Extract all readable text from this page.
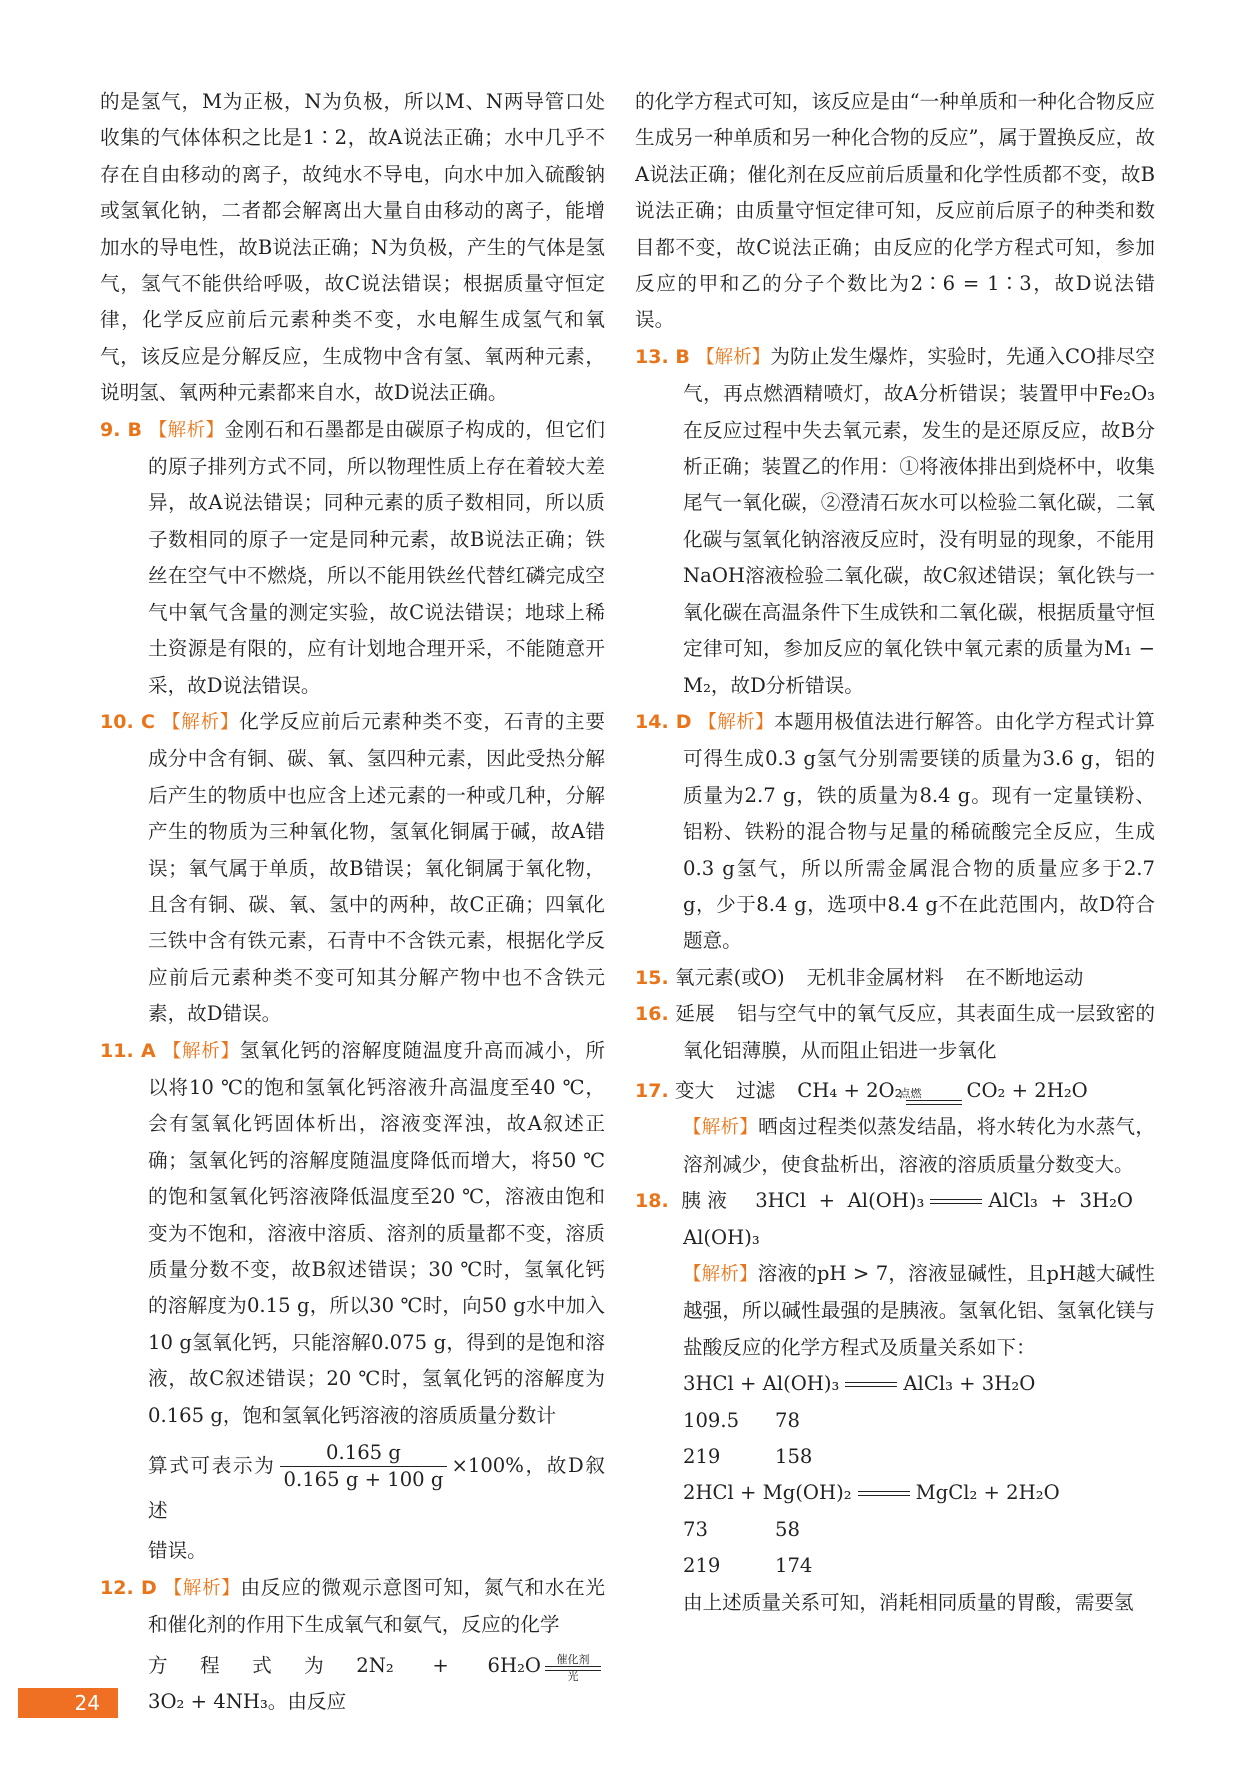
的是氢气，M为正极，N为负极，所以M、N两导管口处收集的气体体积之比是1∶2，故A说法正确；水中几乎不存在自由移动的离子，故纯水不导电，向水中加入硫酸钠或氢氧化钠，二者都会解离出大量自由移动的离子，能增加水的导电性，故B说法正确；N为负极，产生的气体是氢气，氢气不能供给呼吸，故C说法错误；根据质量守恒定律，化学反应前后元素种类不变，水电解生成氢气和氧气，该反应是分解反应，生成物中含有氢、氧两种元素，说明氢、氧两种元素都来自水，故D说法正确。

9. B 【解析】金刚石和石墨都是由碳原子构成的，但它们的原子排列方式不同，所以物理性质上存在着较大差异，故A说法错误；同种元素的质子数相同，所以质子数相同的原子一定是同种元素，故B说法正确；铁丝在空气中不燃烧，所以不能用铁丝代替红磷完成空气中氧气含量的测定实验，故C说法错误；地球上稀土资源是有限的，应有计划地合理开采，不能随意开采，故D说法错误。
10. C 【解析】化学反应前后元素种类不变，石青的主要成分中含有铜、碳、氧、氢四种元素，因此受热分解后产生的物质中也应含上述元素的一种或几种，分解产生的物质为三种氧化物，氢氧化铜属于碱，故A错误；氧气属于单质，故B错误；氧化铜属于氧化物，且含有铜、碳、氧、氢中的两种，故C正确；四氧化三铁中含有铁元素，石青中不含铁元素，根据化学反应前后元素种类不变可知其分解产物中也不含铁元素，故D错误。
11. A 【解析】氢氧化钙的溶解度随温度升高而减小，所以将10 ℃的饱和氢氧化钙溶液升高温度至40 ℃，会有氢氧化钙固体析出，溶液变浑浊，故A叙述正确；氢氧化钙的溶解度随温度降低而增大，将50 ℃的饱和氢氧化钙溶液降低温度至20 ℃，溶液由饱和变为不饱和，溶液中溶质、溶剂的质量都不变，溶质质量分数不变，故B叙述错误；30 ℃时，氢氧化钙的溶解度为0.15 g，所以30 ℃时，向50 g水中加入10 g氢氧化钙，只能溶解0.075 g，得到的是饱和溶液，故C叙述错误；20 ℃时，氢氧化钙的溶解度为0.165 g，饱和氢氧化钙溶液的溶质质量分数计
算式可表示为 $\frac{0.165 g}{0.165 g + 100 g} \times 100\%$，故D叙述
错误。
12. D 【解析】由反应的微观示意图可知，氮气和水在光和催化剂的作用下生成氧气和氨气，反应的化学
方程式为2N₂ + 6H₂O	催化剂
光
3O₂ + 4NH₃。由反应

的化学方程式可知，该反应是由“一种单质和一种化合物反应生成另一种单质和另一种化合物的反应”，属于置换反应，故A说法正确；催化剂在反应前后质量和化学性质都不变，故B说法正确；由质量守恒定律可知，反应前后原子的种类和数目都不变，故C说法正确；由反应的化学方程式可知，参加反应的甲和乙的分子个数比为2∶6 = 1∶3，故D说法错误。

13. B 【解析】为防止发生爆炸，实验时，先通入CO排尽空气，再点燃酒精喷灯，故A分析错误；装置甲中Fe₂O₃在反应过程中失去氧元素，发生的是还原反应，故B分析正确；装置乙的作用：①将液体排出到烧杯中，收集尾气一氧化碳，②澄清石灰水可以检验二氧化碳，二氧化碳与氢氧化钠溶液反应时，没有明显的现象，不能用NaOH溶液检验二氧化碳，故C叙述错误；氧化铁与一氧化碳在高温条件下生成铁和二氧化碳，根据质量守恒定律可知，参加反应的氧化铁中氧元素的质量为M₁ − M₂，故D分析错误。
14. D 【解析】本题用极值法进行解答。由化学方程式计算可得生成0.3 g氢气分别需要镁的质量为3.6 g，铝的质量为2.7 g，铁的质量为8.4 g。现有一定量镁粉、铝粉、铁粉的混合物与足量的稀硫酸完全反应，生成0.3 g氢气，所以所需金属混合物的质量应多于2.7 g，少于8.4 g，选项中8.4 g不在此范围内，故D符合题意。
15. 氧元素(或O) 无机非金属材料 在不断地运动
16. 延展 铝与空气中的氧气反应，其表面生成一层致密的氧化铝薄膜，从而阻止铝进一步氧化
17. 变大 过滤 CH₄ + 2O₂
点燃	CO₂ + 2H₂O
【解析】晒卤过程类似蒸发结晶，将水转化为水蒸气，溶剂减少，使食盐析出，溶液的溶质质量分数变大。
18. 胰液 3HCl + Al(OH)₃	AlCl₃ + 3H₂OAl(OH)₃
【解析】溶液的pH > 7，溶液显碱性，且pH越大碱性越强，所以碱性最强的是胰液。氢氧化铝、氢氧化镁与盐酸反应的化学方程式及质量关系如下：
3HCl + Al(OH)₃	AlCl₃ + 3H₂O
109.5 78
219	158
2HCl + Mg(OH)₂	MgCl₂ + 2H₂O
73	58
219	174
由上述质量关系可知，消耗相同质量的胃酸，需要氢
24
